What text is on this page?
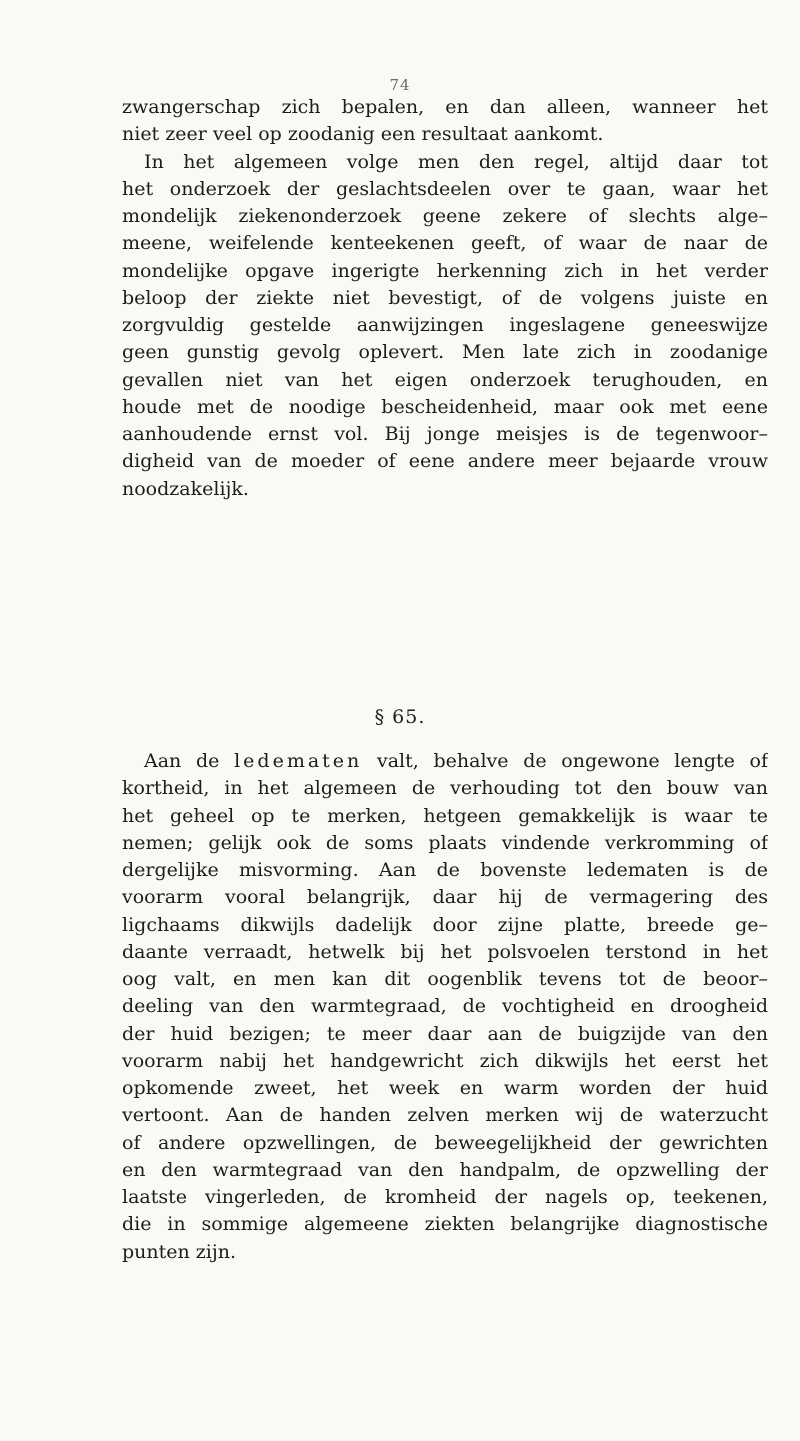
74
zwangerschap zich bepalen, en dan alleen, wanneer het
niet zeer veel op zoodanig een resultaat aankomt.
In het algemeen volge men den regel, altijd daar tot
het onderzoek der geslachtsdeelen over te gaan, waar het
mondelijk ziekenonderzoek geene zekere of slechts alge–
meene, weifelende kenteekenen geeft, of waar de naar de
mondelijke opgave ingerigte herkenning zich in het verder
beloop der ziekte niet bevestigt, of de volgens juiste en
zorgvuldig gestelde aanwijzingen ingeslagene geneeswijze
geen gunstig gevolg oplevert. Men late zich in zoodanige
gevallen niet van het eigen onderzoek terughouden, en
houde met de noodige bescheidenheid, maar ook met eene
aanhoudende ernst vol. Bij jonge meisjes is de tegenwoor–
digheid van de moeder of eene andere meer bejaarde vrouw
noodzakelijk.
§ 65.
Aan de ledematen valt, behalve de ongewone lengte of
kortheid, in het algemeen de verhouding tot den bouw van
het geheel op te merken, hetgeen gemakkelijk is waar te
nemen; gelijk ook de soms plaats vindende verkromming of
dergelijke misvorming. Aan de bovenste ledematen is de
voorarm vooral belangrijk, daar hij de vermagering des
ligchaams dikwijls dadelijk door zijne platte, breede ge–
daante verraadt, hetwelk bij het polsvoelen terstond in het
oog valt, en men kan dit oogenblik tevens tot de beoor–
deeling van den warmtegraad, de vochtigheid en droogheid
der huid bezigen; te meer daar aan de buigzijde van den
voorarm nabij het handgewricht zich dikwijls het eerst het
opkomende zweet, het week en warm worden der huid
vertoont. Aan de handen zelven merken wij de waterzucht
of andere opzwellingen, de beweegelijkheid der gewrichten
en den warmtegraad van den handpalm, de opzwelling der
laatste vingerleden, de kromheid der nagels op, teekenen,
die in sommige algemeene ziekten belangrijke diagnostische
punten zijn.
